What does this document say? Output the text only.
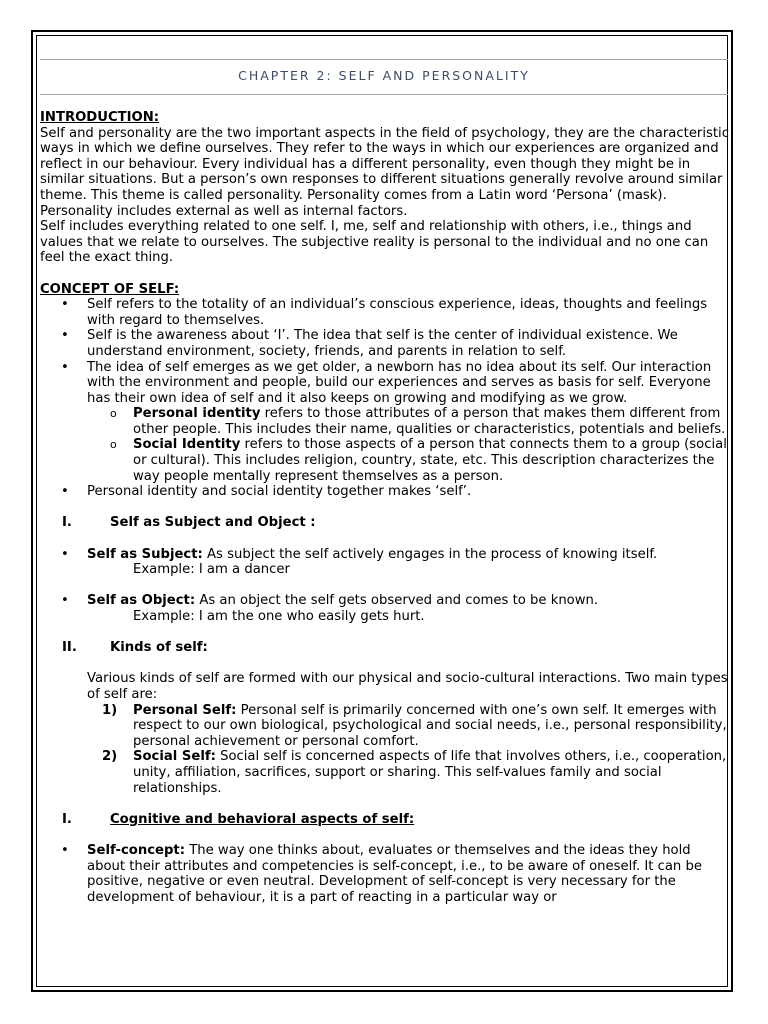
CHAPTER 2: SELF AND PERSONALITY

INTRODUCTION:

Self and personality are the two important aspects in the field of psychology, they are the characteristic ways in which we define ourselves. They refer to the ways in which our experiences are organized and reflect in our behaviour. Every individual has a different personality, even though they might be in similar situations. But a person’s own responses to different situations generally revolve around similar theme. This theme is called personality. Personality comes from a Latin word ‘Persona’ (mask). Personality includes external as well as internal factors.

Self includes everything related to one self. I, me, self and relationship with others, i.e., things and values that we relate to ourselves. The subjective reality is personal to the individual and no one can feel the exact thing.

CONCEPT OF SELF:

• Self refers to the totality of an individual’s conscious experience, ideas, thoughts and feelings with regard to themselves.
• Self is the awareness about ‘I’. The idea that self is the center of individual existence. We understand environment, society, friends, and parents in relation to self.
• The idea of self emerges as we get older, a newborn has no idea about its self. Our interaction with the environment and people, build our experiences and serves as basis for self. Everyone has their own idea of self and it also keeps on growing and modifying as we grow.
o Personal identity refers to those attributes of a person that makes them different from other people. This includes their name, qualities or characteristics, potentials and beliefs.
o Social Identity refers to those aspects of a person that connects them to a group (social or cultural). This includes religion, country, state, etc. This description characterizes the way people mentally represent themselves as a person.
• Personal identity and social identity together makes ‘self’.

I.	Self as Subject and Object :

• Self as Subject: As subject the self actively engages in the process of knowing itself.

Example: I am a dancer

• Self as Object: As an object the self gets observed and comes to be known.

Example: I am the one who easily gets hurt.

II.	Kinds of self:

Various kinds of self are formed with our physical and socio-cultural interactions. Two main types of self are:

1) Personal Self: Personal self is primarily concerned with one’s own self. It emerges with respect to our own biological, psychological and social needs, i.e., personal responsibility, personal achievement or personal comfort.
2) Social Self: Social self is concerned aspects of life that involves others, i.e., cooperation, unity, affiliation, sacrifices, support or sharing. This self-values family and social relationships.

I.	Cognitive and behavioral aspects of self:

• Self-concept: The way one thinks about, evaluates or themselves and the ideas they hold about their attributes and competencies is self-concept, i.e., to be aware of oneself. It can be positive, negative or even neutral. Development of self-concept is very necessary for the development of behaviour, it is a part of reacting in a particular way or
